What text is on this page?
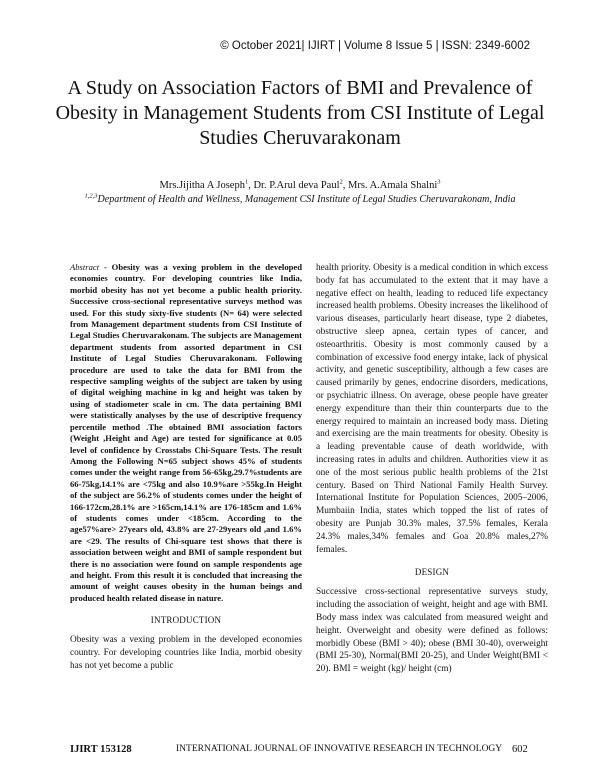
© October 2021| IJIRT | Volume 8 Issue 5 | ISSN: 2349-6002
A Study on Association Factors of BMI and Prevalence of Obesity in Management Students from CSI Institute of Legal Studies Cheruvarakonam
Mrs.Jijitha A Joseph$^1$, Dr. P.Arul deva Paul$^2$, Mrs. A.Amala Shalni$^3$
$^{1,2,3}$Department of Health and Wellness, Management CSI Institute of Legal Studies Cheruvarakonam, India

Abstract - Obesity was a vexing problem in the developed economies country. For developing countries like India, morbid obesity has not yet become a public health priority. Successive cross-sectional representative surveys method was used. For this study sixty-five students (N= 64) were selected from Management department students from CSI Institute of Legal Studies Cheruvarakonam. The subjects are Management department students from assorted department in CSI Institute of Legal Studies Cheruvarakonam. Following procedure are used to take the data for BMI from the respective sampling weights of the subject are taken by using of digital weighing machine in kg and height was taken by using of stadiometer scale in cm. The data pertaining BMI were statistically analyses by the use of descriptive frequency percentile method .The obtained BMI association factors (Weight ,Height and Age) are tested for significance at 0.05 level of confidence by Crosstabs Chi-Square Tests. The result Among the Following N=65 subject shows 45% of students comes under the weight range from 56-65kg,29.7%students are 66-75kg,14.1% are <75kg and also 10.9%are >55kg.In Height of the subject are 56.2% of students comes under the height of 166-172cm,28.1% are >165cm,14.1% are 176-185cm and 1.6% of students comes under <185cm. According to the age57%are> 27years old, 43.8% are 27-29years old ,and 1.6% are <29. The results of Chi-square test shows that there is association between weight and BMI of sample respondent but there is no association were found on sample respondents age and height. From this result it is concluded that increasing the amount of weight causes obesity in the human beings and produced health related disease in nature.

INTRODUCTION

Obesity was a vexing problem in the developed economies country. For developing countries like India, morbid obesity has not yet become a public

health priority. Obesity is a medical condition in which excess body fat has accumulated to the extent that it may have a negative effect on health, leading to reduced life expectancy increased health problems. Obesity increases the likelihood of various diseases, particularly heart disease, type 2 diabetes, obstructive sleep apnea, certain types of cancer, and osteoarthritis. Obesity is most commonly caused by a combination of excessive food energy intake, lack of physical activity, and genetic susceptibility, although a few cases are caused primarily by genes, endocrine disorders, medications, or psychiatric illness. On average, obese people have greater energy expenditure than their thin counterparts due to the energy required to maintain an increased body mass. Dieting and exercising are the main treatments for obesity. Obesity is a leading preventable cause of death worldwide, with increasing rates in adults and children. Authorities view it as one of the most serious public health problems of the 21st century. Based on Third National Family Health Survey. International Institute for Population Sciences, 2005–2006, Mumbaiin India, states which topped the list of rates of obesity are Punjab 30.3% males, 37.5% females, Kerala 24.3% males,34% females and Goa 20.8% males,27% females.

DESIGN

Successive cross-sectional representative surveys study, including the association of weight, height and age with BMI. Body mass index was calculated from measured weight and height. Overweight and obesity were defined as follows: morbidly Obese (BMI > 40); obese (BMI 30-40), overweight (BMI 25-30), Normal(BMI 20-25), and Under Weight(BMI < 20). BMI = weight (kg)/ height (cm)

IJIRT 153128	INTERNATIONAL JOURNAL OF INNOVATIVE RESEARCH IN TECHNOLOGY 602
